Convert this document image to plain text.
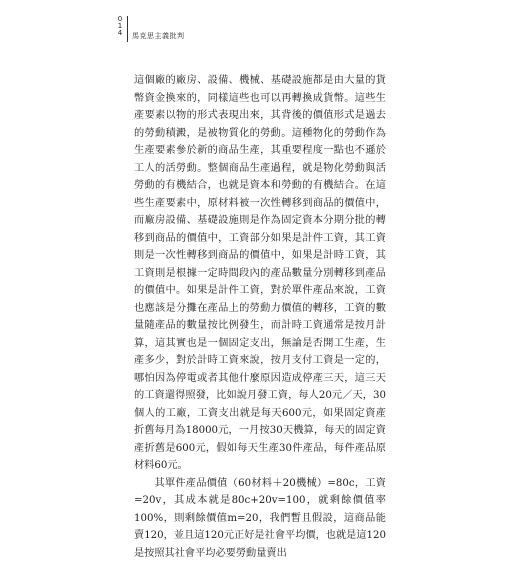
0
1
4 馬克思主義批判

這個廠的廠房、設備、機械、基礎設施都是由大量的貨幣資金換來的，同樣這些也可以再轉換成貨幣。這些生產要素以物的形式表現出來，其背後的價值形式是過去的勞動積澱，是被物質化的勞動。這種物化的勞動作為生產要素參於新的商品生產，其重要程度一點也不遜於工人的活勞動。整個商品生產過程，就是物化勞動與活勞動的有機結合，也就是資本和勞動的有機結合。在這些生產要素中，原材料被一次性轉移到商品的價值中，而廠房設備、基礎設施則是作為固定資本分期分批的轉移到商品的價值中，工資部分如果是計件工資，其工資則是一次性轉移到商品的價值中，如果是計時工資，其工資則是根據一定時間段內的產品數量分別轉移到產品的價值中。如果是計件工資，對於單件產品來說，工資也應該是分攤在產品上的勞動力價值的轉移，工資的數量隨產品的數量按比例發生，而計時工資通常是按月計算，這其實也是一個固定支出，無論是否開工生產，生產多少，對於計時工資來說，按月支付工資是一定的，哪怕因為停電或者其他什麼原因造成停產三天，這三天的工資還得照發，比如說月發工資，每人20元／天，30個人的工廠，工資支出就是每天600元，如果固定資產折舊每月為18000元，一月按30天機算，每天的固定資產折舊是600元，假如每天生產30件產品，每件產品原材料60元。

其單件產品價值（60材料＋20機械）=80c，工資=20v，其成本就是80c+20v=100，就剩餘價值率100%，則剩餘價值m=20，我們暫且假設，這商品能賣120，並且這120元正好是社會平均價，也就是這120是按照其社會平均必要勞動量賣出
